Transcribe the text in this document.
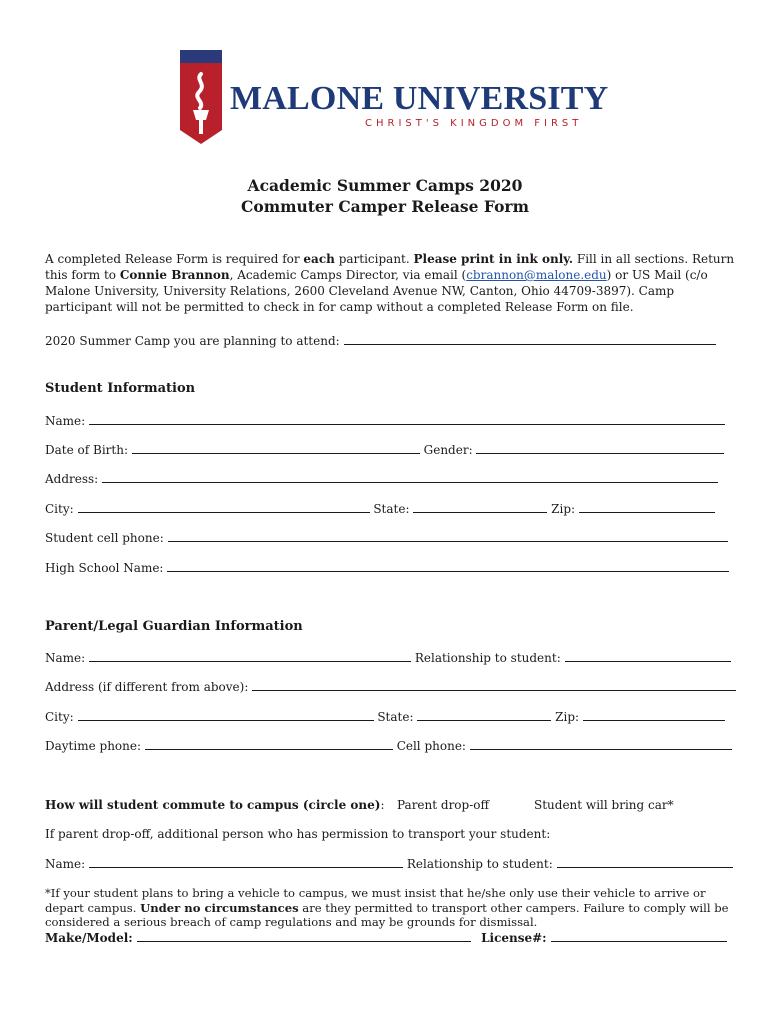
1892
MALONE UNIVERSITY
CHRIST'S KINGDOM FIRST
Academic Summer Camps 2020
Commuter Camper Release Form
A completed Release Form is required for each participant. Please print in ink only. Fill in all sections. Return this form to Connie Brannon, Academic Camps Director, via email (cbrannon@malone.edu) or US Mail (c/o Malone University, University Relations, 2600 Cleveland Avenue NW, Canton, Ohio 44709-3897). Camp participant will not be permitted to check in for camp without a completed Release Form on file.
2020 Summer Camp you are planning to attend:
Student Information
Name:
Date of Birth:	Gender:
Address:
City:	State:	Zip:
Student cell phone:
High School Name:
Parent/Legal Guardian Information
Name:	Relationship to student:
Address (if different from above):
City:	State:	Zip:
Daytime phone:	Cell phone:
How will student commute to campus (circle one): Parent drop-off	Student will bring car*
If parent drop-off, additional person who has permission to transport your student:
Name:	Relationship to student:
*If your student plans to bring a vehicle to campus, we must insist that he/she only use their vehicle to arrive or depart campus. Under no circumstances are they permitted to transport other campers. Failure to comply will be considered a serious breach of camp regulations and may be grounds for dismissal.
Make/Model:	License#:
